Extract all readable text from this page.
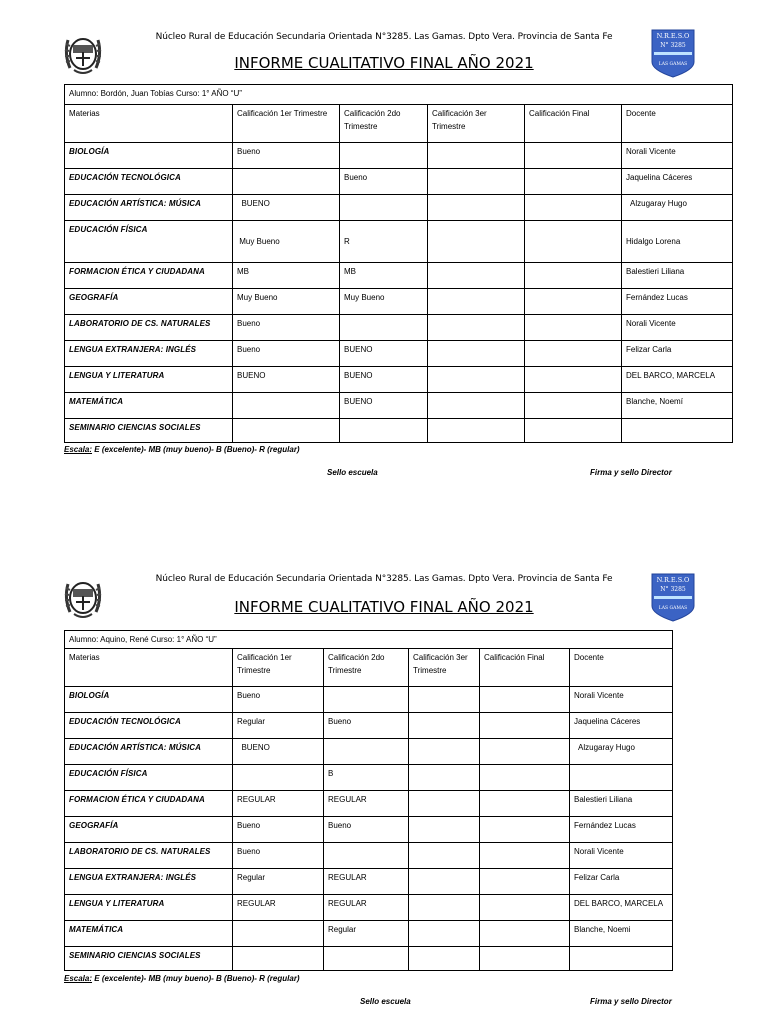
Núcleo Rural de Educación Secundaria Orientada N°3285. Las Gamas. Dpto Vera. Provincia de Santa Fe
INFORME CUALITATIVO FINAL AÑO 2021
N.R.E.S.O
N° 3285
LAS GAMAS
Alumno: Bordón, Juan Tobías Curso: 1° AÑO “U”					
Materias	Calificación 1er Trimestre	Calificación 2do Trimestre	Calificación 3er Trimestre	Calificación Final	Docente
BIOLOGÍA	Bueno				Norali Vicente
EDUCACIÓN TECNOLÓGICA		Bueno			Jaquelina Cáceres
EDUCACIÓN ARTÍSTICA: MÚSICA	BUENO				Alzugaray Hugo
EDUCACIÓN FÍSICA	Muy Bueno	R			Hidalgo Lorena
FORMACION ÉTICA Y CIUDADANA	MB	MB			Balestieri Liliana
GEOGRAFÍA	Muy Bueno	Muy Bueno			Fernández Lucas
LABORATORIO DE CS. NATURALES	Bueno				Norali Vicente
LENGUA EXTRANJERA: INGLÉS	Bueno	BUENO			Felizar Carla
LENGUA Y LITERATURA	BUENO	BUENO			DEL BARCO, MARCELA
MATEMÁTICA		BUENO			Blanche, Noemí
SEMINARIO CIENCIAS SOCIALES					
Escala: E (excelente)- MB (muy bueno)- B (Bueno)- R (regular)
Sello escuela	Firma y sello Director
Núcleo Rural de Educación Secundaria Orientada N°3285. Las Gamas. Dpto Vera. Provincia de Santa Fe
INFORME CUALITATIVO FINAL AÑO 2021
N.R.E.S.O
N° 3285
LAS GAMAS
Alumno: Aquino, René Curso: 1° AÑO “U”					
Materias	Calificación 1er Trimestre	Calificación 2do Trimestre	Calificación 3er Trimestre	Calificación Final	Docente
BIOLOGÍA	Bueno				Norali Vicente
EDUCACIÓN TECNOLÓGICA	Regular	Bueno			Jaquelina Cáceres
EDUCACIÓN ARTÍSTICA: MÚSICA	BUENO				Alzugaray Hugo
EDUCACIÓN FÍSICA		B			
FORMACION ÉTICA Y CIUDADANA	REGULAR	REGULAR			Balestieri Liliana
GEOGRAFÍA	Bueno	Bueno			Fernández Lucas
LABORATORIO DE CS. NATURALES	Bueno				Norali Vicente
LENGUA EXTRANJERA: INGLÉS	Regular	REGULAR			Felizar Carla
LENGUA Y LITERATURA	REGULAR	REGULAR			DEL BARCO, MARCELA
MATEMÁTICA		Regular			Blanche, Noemi
SEMINARIO CIENCIAS SOCIALES					
Escala: E (excelente)- MB (muy bueno)- B (Bueno)- R (regular)
Sello escuela	Firma y sello Director
